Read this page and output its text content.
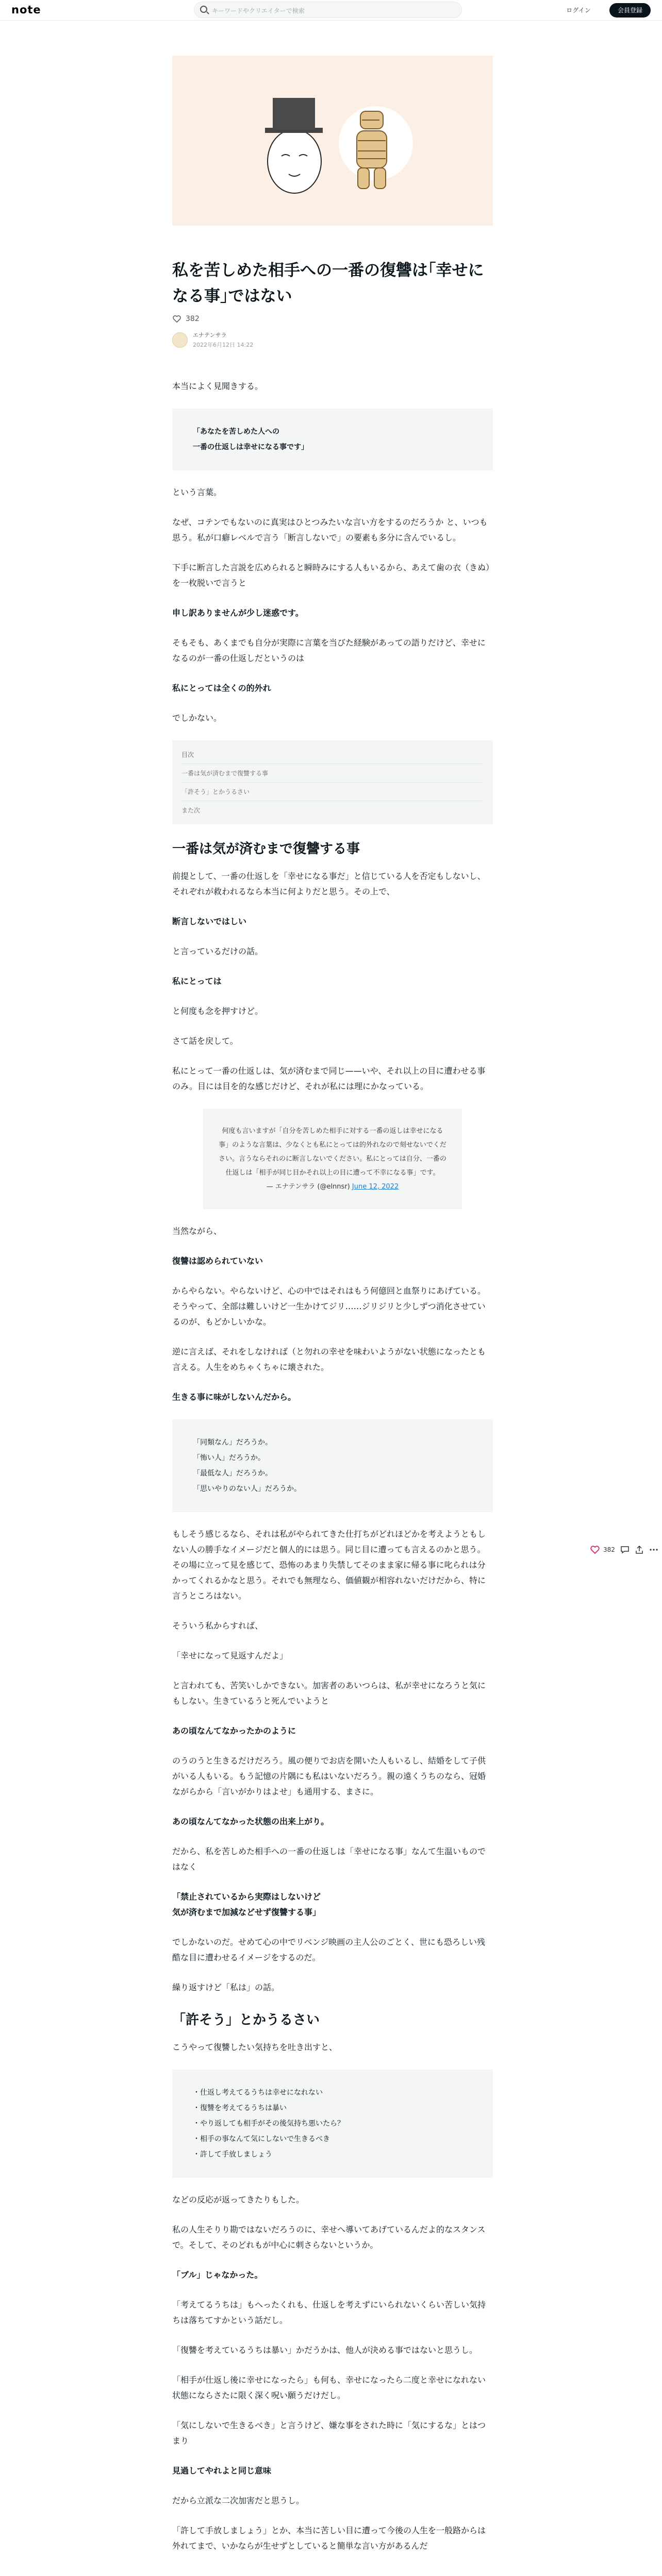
note	キーワードやクリエイターで検索	ログイン	会員登録
私を苦しめた相手への一番の復讐は｢幸せになる事｣ではない
382
エナテンサラ
2022年6月12日 14:22

本当によく見聞きする。

「あなたを苦しめた人への

一番の仕返しは幸せになる事です」

という言葉。

なぜ、コテンでもないのに真実はひとつみたいな言い方をするのだろうか と、いつも思う。私が口癖レベルで言う「断言しないで」の要素も多分に含んでいるし。

下手に断言した言説を広められると瞬時みにする人もいるから、あえて歯の衣（きぬ）を一枚脱いで言うと

申し訳ありませんが少し迷惑です。

そもそも、あくまでも自分が実際に言葉を当びた経験があっての語りだけど、幸せになるのが一番の仕返しだというのは

私にとっては全くの的外れ

でしかない。

目次
一番は気が済むまで復讐する事
「許そう」とかうるさい
また次
一番は気が済むまで復讐する事

前提として、一番の仕返しを「幸せになる事だ」と信じている人を否定もしないし、それぞれが救われるなら本当に何よりだと思う。その上で、

断言しないではしい

と言っているだけの話。

私にとっては

と何度も念を押すけど。

さて話を戻して。

私にとって一番の仕返しは、気が済むまで同じ——いや、それ以上の目に遭わせる事のみ。目には目を的な感じだけど、それが私には理にかなっている。

何度も言いますが「自分を苦しめた相手に対する一番の返しは幸せになる事」のような言葉は、少なくとも私にとっては的外れなので刻せないでください。言うならそれのに断言しないでください。私にとっては自分、一番の仕返しは「相手が同じ目かそれ以上の目に遭って不幸になる事」です。
— エナテンサラ (@elnnsr) June 12, 2022

当然ながら、

復讐は認められていない

からやらない。やらないけど、心の中ではそれはもう何億回と血祭りにあげている。そうやって、全部は難しいけど一生かけてジリ……ジリジリと少しずつ消化させているのが、もどかしいかな。

逆に言えば、それをしなければ（と勿れの幸せを味わいようがない状態になったとも言える。人生をめちゃくちゃに壊された。

生きる事に味がしないんだから。

「同類なん」だろうか。

「怖い人」だろうか。

「最低な人」だろうか。

「思いやりのない人」だろうか。

もしそう感じるなら、それは私がやられてきた仕打ちがどれほどかを考えようともしない人の勝手なイメージだと個人的には思う。同じ目に遭っても言えるのかと思う。その場に立って見を感じて、恐怖のあまり失禁してそのまま家に帰る事に叱られは分かってくれるかなと思う。それでも無理なら、価値観が相容れないだけだから、特に言うところはない。

そういう私からすれば、

「幸せになって見返すんだよ」

と言われても、苦笑いしかできない。加害者のあいつらは、私が幸せになろうと気にもしない。生きているうと死んでいようと

あの頃なんてなかったかのように

のうのうと生きるだけだろう。風の便りでお店を開いた人もいるし、結婚をして子供がいる人もいる。もう記憶の片隅にも私はいないだろう。親の遠くうちのなら、冠婚ながらから「言いがかりはよせ」も通用する、まさに。

あの頃なんてなかった状態の出来上がり。

だから、私を苦しめた相手への一番の仕返しは「幸せになる事」なんて生温いものではなく

「禁止されているから実際はしないけど

気が済むまで加減などせず復讐する事」

でしかないのだ。せめて心の中でリベンジ映画の主人公のごとく、世にも恐ろしい残酷な目に遭わせるイメージをするのだ。

繰り返すけど「私は」の話。

「許そう」とかうるさい

こうやって復讐したい気持ちを吐き出すと、

・仕返し考えてるうちは幸せになれない

・復讐を考えてるうちは暴い

・やり返しても相手がその後気持ち悪いたら？

・相手の事なんて気にしないで生きるべき

・許して手放しましょう

などの反応が返ってきたりもした。

私の人生そりり勘ではないだろうのに、幸せへ導いてあげているんだよ的なスタンスで。そして、そのどれもが中心に刺さらないというか。

「ブル」じゃなかった。

「考えてるうちは」もへったくれも、仕返しを考えずにいられないくらい苦しい気持ちは落ちてすかという話だし。

「復讐を考えているうちは暴い」かだうかは、他人が決める事ではないと思うし。

「相手が仕返し後に幸せになったら」も何も、幸せになったら二度と幸せになれない状態にならさたに限く深く呪い願うだけだし。

「気にしないで生きるべき」と言うけど、嫌な事をされた時に「気にするな」とはつまり

見過してやれよと同じ意味

だから立派な二次加害だと思うし。

「許して手放しましょう」とか、本当に苦しい目に遭って今後の人生を一般路からは外れてまで、いかならが生せずとしていると簡単な言い方があるんだ

382
